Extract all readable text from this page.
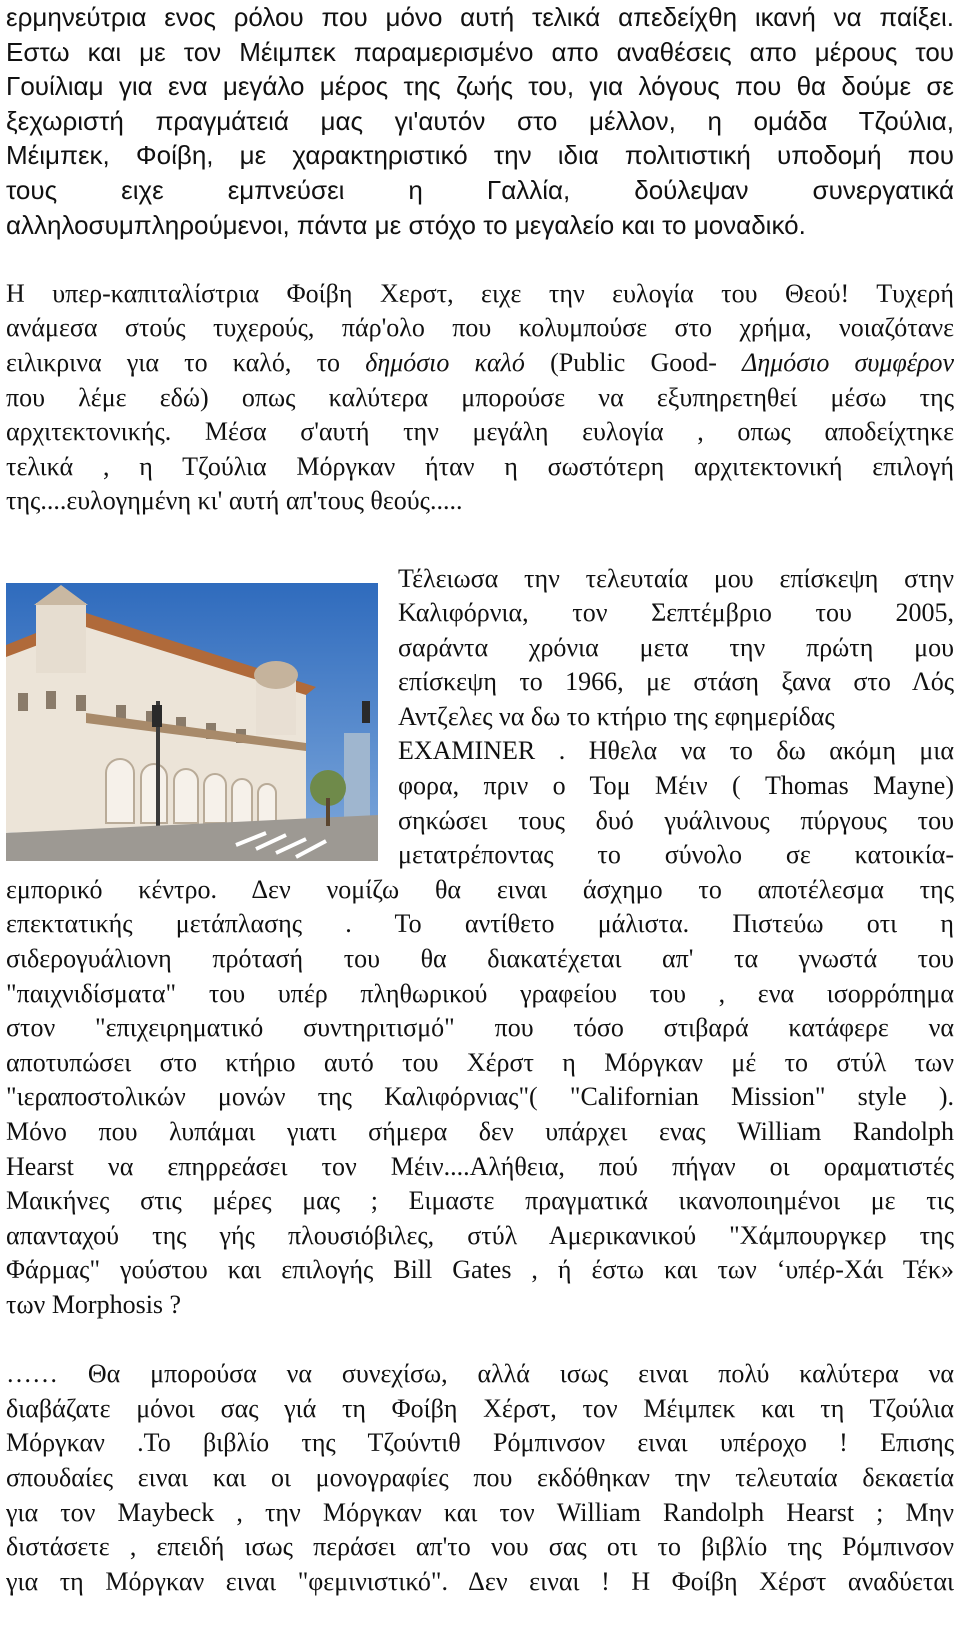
ερμηνεύτρια ενος ρόλου που μόνο αυτή τελικά απεδείχθη ικανή να παίξει.
Εστω και με τον Μέιμπεκ παραμερισμένο απο αναθέσεις απο μέρους του
Γουίλιαμ για ενα μεγάλο μέρος της ζωής του, για λόγους που θα δούμε σε
ξεχωριστή πραγμάτειά μας γι'αυτόν στο μέλλον, η ομάδα Τζούλια,
Μέιμπεκ, Φοίβη, με χαρακτηριστικό την ιδια πολιτιστική υποδομή που
τους ειχε εμπνεύσει η Γαλλία, δούλεψαν συνεργατικά
αλληλοσυμπληρούμενοι, πάντα με στόχο το μεγαλείο και το μοναδικό.
Η υπερ-καπιταλίστρια Φοίβη Χερστ, ειχε την ευλογία του Θεού! Τυχερή
ανάμεσα στούς τυχερούς, πάρ'ολο που κολυμπούσε στο χρήμα, νοιαζότανε
ειλικρινα για το καλό, το δημόσιο καλό (Public Good- Δημόσιο συμφέρον
που λέμε εδώ) οπως καλύτερα μπορούσε να εξυπηρετηθεί μέσω της
αρχιτεκτονικής. Μέσα σ'αυτή την μεγάλη ευλογία , οπως αποδείχτηκε
τελικά , η Τζούλια Μόργκαν ήταν η σωστότερη αρχιτεκτονική επιλογή
της....ευλογημένη κι' αυτή απ'τους θεούς.....
Τέλειωσα την τελευταία μου επίσκεψη στην
Καλιφόρνια, τον Σεπτέμβριο του 2005,
σαράντα χρόνια μετα την πρώτη μου
επίσκεψη το 1966, με στάση ξανα στο Λός
Αντζελες να δω το κτήριο της εφημερίδας
EXAMINER . Ηθελα να το δω ακόμη μια
φορα, πριν ο Τομ Μέιν ( Thomas Mayne)
σηκώσει τους δυό γυάλινους πύργους του
μετατρέποντας το σύνολο σε κατοικία-
εμπορικό κέντρο. Δεν νομίζω θα ειναι άσχημο το αποτέλεσμα της
επεκτατικής μετάπλασης . Το αντίθετο μάλιστα. Πιστεύω οτι η
σιδερογυάλιονη πρότασή του θα διακατέχεται απ' τα γνωστά του
"παιχνιδίσματα" του υπέρ πληθωρικού γραφείου του , ενα ισορρόπημα
στον "επιχειρηματικό συντηριτισμό" που τόσο στιβαρά κατάφερε να
αποτυπώσει στο κτήριο αυτό του Χέρστ η Μόργκαν μέ το στύλ των
"ιεραποστολικών μονών της Καλιφόρνιας"( "Californian Mission" style ).
Μόνο που λυπάμαι γιατι σήμερα δεν υπάρχει ενας William Randolph
Hearst να επηρρεάσει τον Μέιν....Αλήθεια, πού πήγαν οι οραματιστές
Μαικήνες στις μέρες μας ; Ειμαστε πραγματικά ικανοποιημένοι με τις
απανταχού της γής πλουσιόβιλες, στύλ Αμερικανικού "Χάμπουργκερ της
Φάρμας" γούστου και επιλογής Bill Gates , ή έστω και των ‘υπέρ-Χάι Τέκ»
των Morphosis ?
…… Θα μπορούσα να συνεχίσω, αλλά ισως ειναι πολύ καλύτερα να
διαβάζατε μόνοι σας γιά τη Φοίβη Χέρστ, τον Μέιμπεκ και τη Τζούλια
Μόργκαν .Το βιβλίο της Τζούντιθ Ρόμπινσον ειναι υπέροχο ! Επισης
σπουδαίες ειναι και οι μονογραφίες που εκδόθηκαν την τελευταία δεκαετία
για τον Maybeck , την Μόργκαν και τον William Randolph Hearst ; Μην
διστάσετε , επειδή ισως περάσει απ'το νου σας οτι το βιβλίο της Ρόμπινσον
για τη Μόργκαν ειναι "φεμινιστικό". Δεν ειναι ! Η Φοίβη Χέρστ αναδύεται
